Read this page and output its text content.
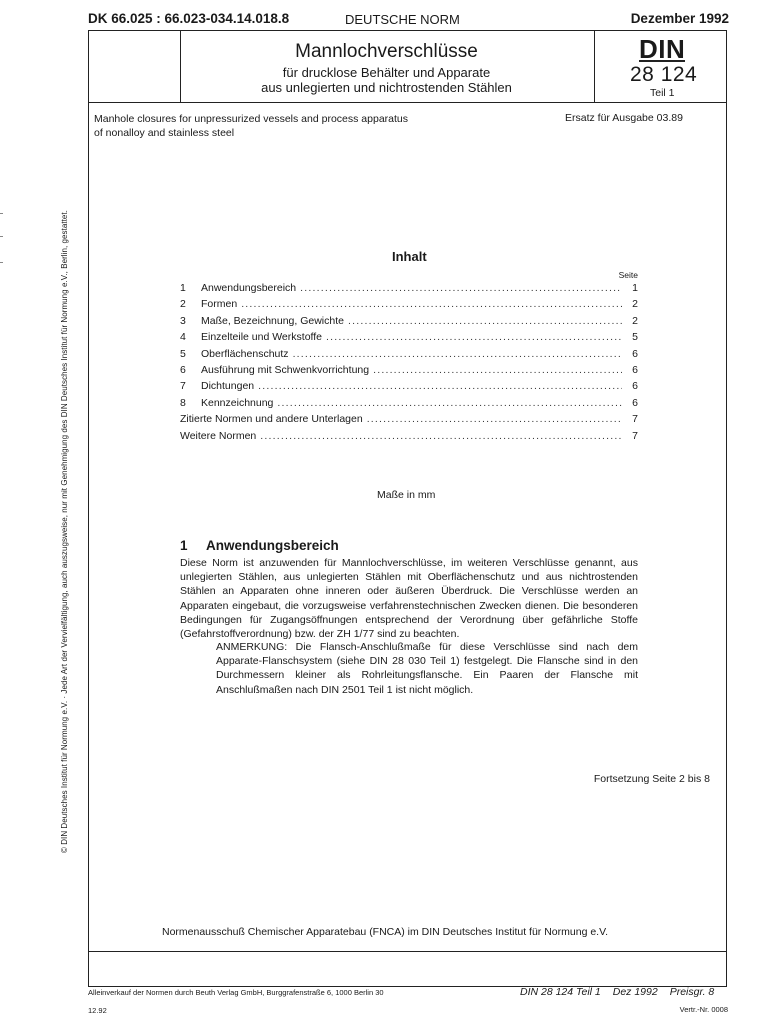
DK 66.025 : 66.023-034.14.018.8	DEUTSCHE NORM	Dezember 1992
Mannlochverschlüsse
für drucklose Behälter und Apparate
aus unlegierten und nichtrostenden Stählen
DIN
28 124
Teil 1
Manhole closures for unpressurized vessels and process apparatus
of nonalloy and stainless steel
Ersatz für Ausgabe 03.89
© DIN Deutsches Institut für Normung e.V. · Jede Art der Vervielfältigung, auch auszugsweise, nur mit Genehmigung des DIN Deutsches Institut für Normung e.V., Berlin, gestattet.	Inhalt
Seite
1	Anwendungsbereich .....	1
2	Formen .....	2
3	Maße, Bezeichnung, Gewichte .....	2
4	Einzelteile und Werkstoffe .....	5
5	Oberflächenschutz .....	6
6	Ausführung mit Schwenkvorrichtung .....	6
7	Dichtungen .....	6
8	Kennzeichnung .....	6
Zitierte Normen und andere Unterlagen .....	7
Weitere Normen .....	7
Maße in mm
1 Anwendungsbereich
Diese Norm ist anzuwenden für Mannlochverschlüsse, im weiteren Verschlüsse genannt, aus unlegierten Stählen, aus unlegierten Stählen mit Oberflächenschutz und aus nichtrostenden Stählen an Apparaten ohne inneren oder äußeren Überdruck. Die Verschlüsse werden an Apparaten eingebaut, die vorzugsweise verfahrenstechnischen Zwecken dienen. Die besonderen Bedingungen für Zugangsöffnungen entsprechend der Verordnung über gefährliche Stoffe (Gefahrstoffverordnung) bzw. der ZH 1/77 sind zu beachten.
ANMERKUNG: Die Flansch-Anschlußmaße für diese Verschlüsse sind nach dem Apparate-Flanschsystem (siehe DIN 28 030 Teil 1) festgelegt. Die Flansche sind in den Durchmessern kleiner als Rohrleitungsflansche. Ein Paaren der Flansche mit Anschlußmaßen nach DIN 2501 Teil 1 ist nicht möglich.
Fortsetzung Seite 2 bis 8
Normenausschuß Chemischer Apparatebau (FNCA) im DIN Deutsches Institut für Normung e.V.
Alleinverkauf der Normen durch Beuth Verlag GmbH, Burggrafenstraße 6, 1000 Berlin 30	DIN 28 124 Teil 1 Dez 1992 Preisgr. 8
12.92	Vertr.-Nr. 0008
